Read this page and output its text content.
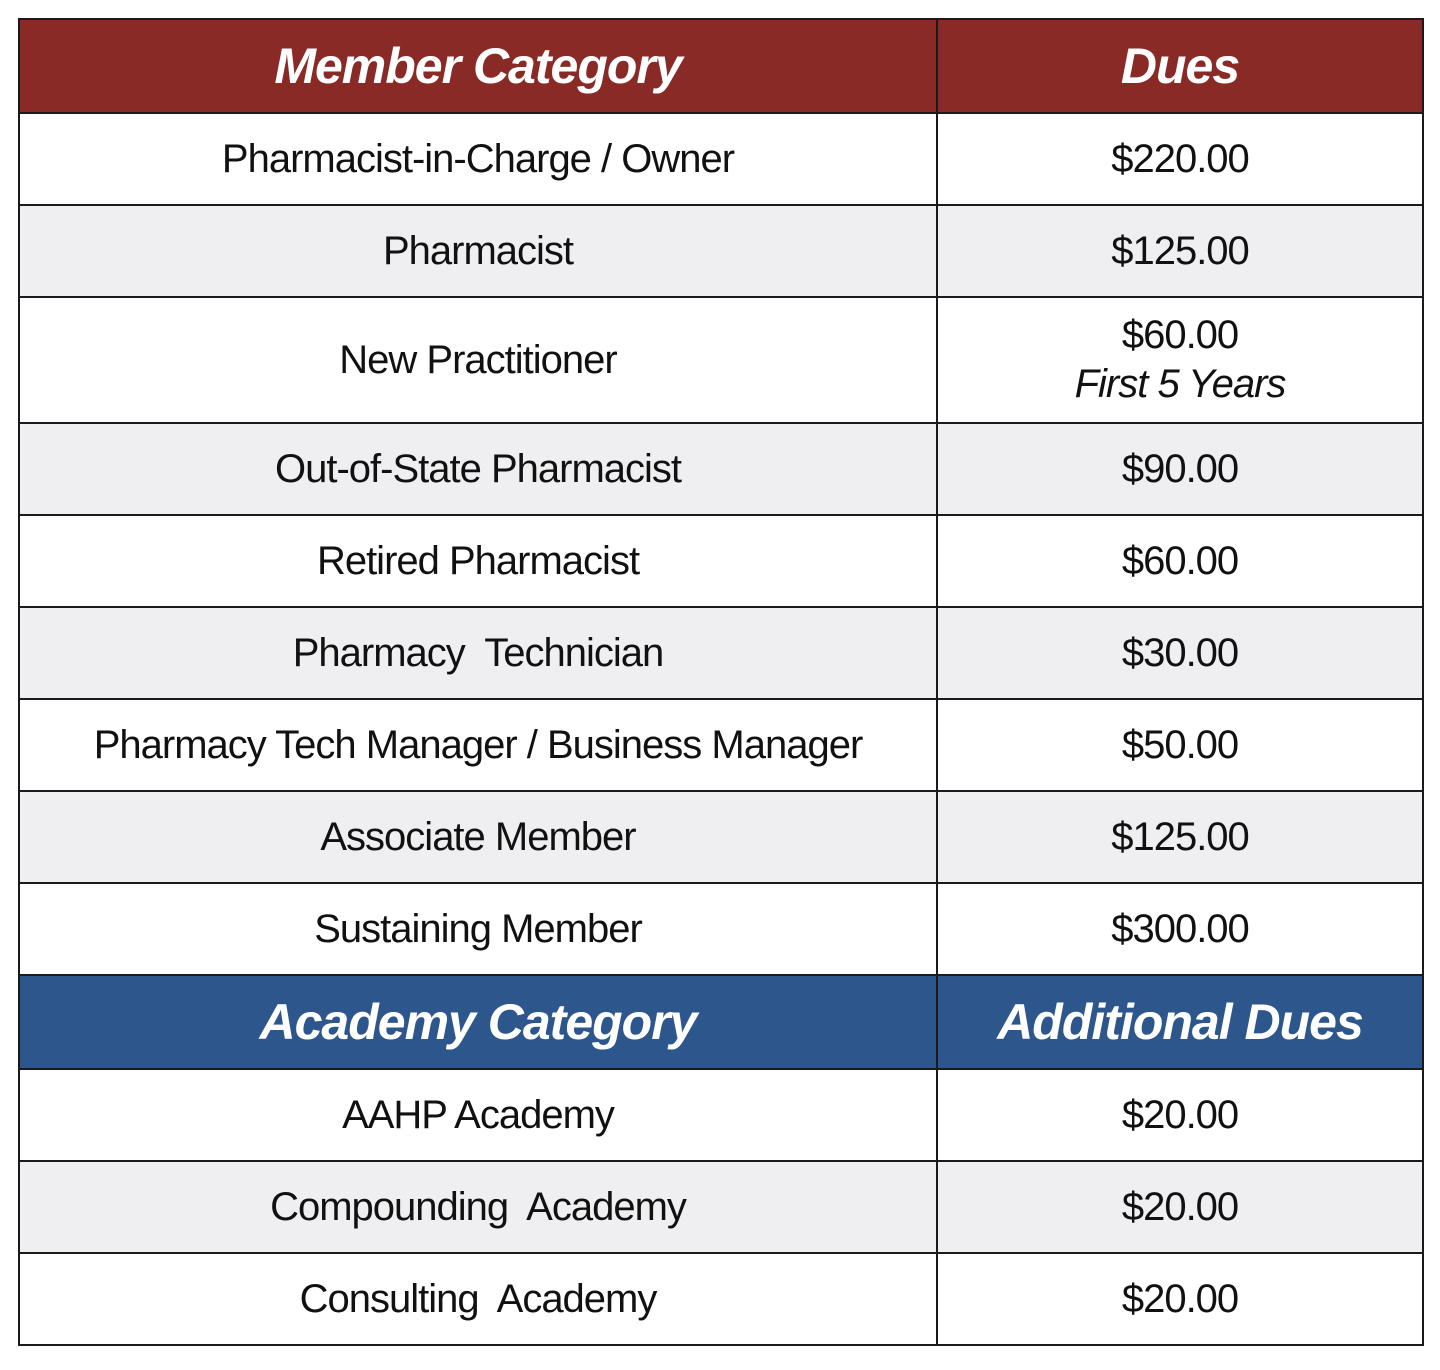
Member Category	Dues
Pharmacist-in-Charge / Owner	$220.00
Pharmacist	$125.00
New Practitioner	$60.00
First 5 Years

Out-of-State Pharmacist	$90.00
Retired Pharmacist	$60.00
Pharmacy  Technician	$30.00
Pharmacy Tech Manager / Business Manager	$50.00
Associate Member	$125.00
Sustaining Member	$300.00
Academy Category	Additional Dues
AAHP Academy	$20.00
Compounding  Academy	$20.00
Consulting  Academy	$20.00
